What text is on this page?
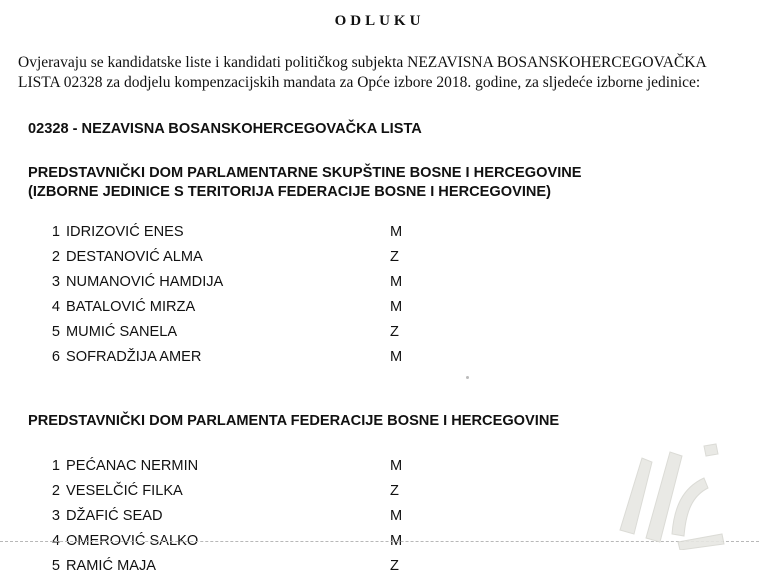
ODLUKU
Ovjeravaju se kandidatske liste i kandidati političkog subjekta NEZAVISNA BOSANSKOHERCEGOVAČKA
LISTA 02328 za dodjelu kompenzacijskih mandata za Opće izbore 2018. godine, za sljedeće izborne jedinice:
02328 - NEZAVISNA BOSANSKOHERCEGOVAČKA LISTA
PREDSTAVNIČKI DOM PARLAMENTARNE SKUPŠTINE BOSNE I HERCEGOVINE
(IZBORNE JEDINICE S TERITORIJA FEDERACIJE BOSNE I HERCEGOVINE)
1 IDRIZOVIĆ ENES	M
2 DESTANOVIĆ ALMA	Z
3 NUMANOVIĆ HAMDIJA	M
4 BATALOVIĆ MIRZA	M
5 MUMIĆ SANELA	Z
6 SOFRADŽIJA AMER	M
PREDSTAVNIČKI DOM PARLAMENTA FEDERACIJE BOSNE I HERCEGOVINE
1 PEĆANAC NERMIN	M
2 VESELČIĆ FILKA	Z
3 DŽAFIĆ SEAD	M
4 OMEROVIĆ SALKO	M
5 RAMIĆ MAJA	Z
